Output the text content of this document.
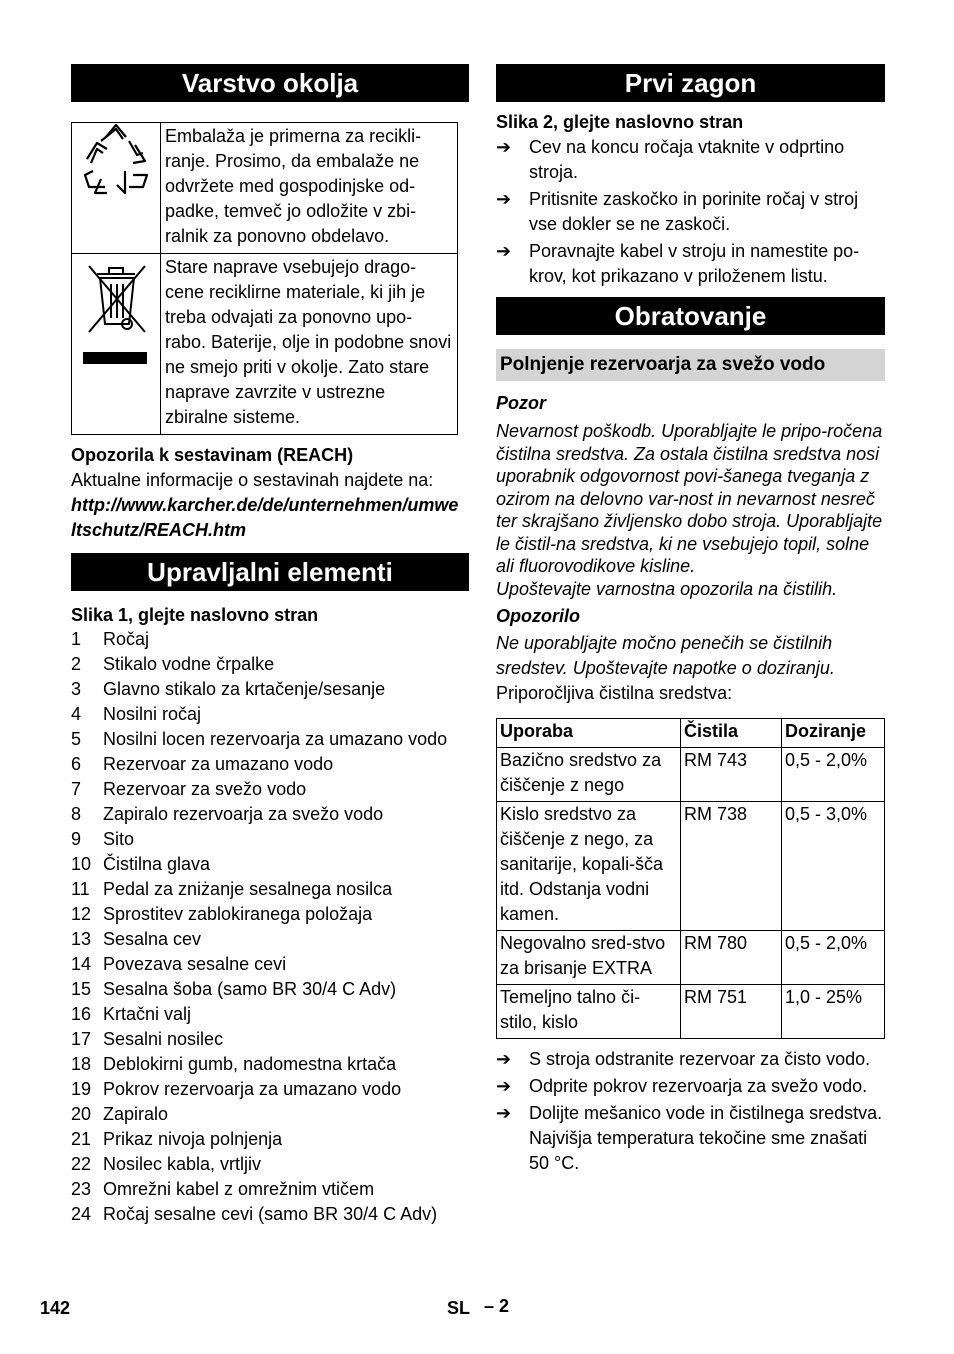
Varstvo okolja
	Embalaža je primerna za recikli-ranje. Prosimo, da embalaže ne odvržete med gospodinjske od-padke, temveč jo odložite v zbi-ralnik za ponovno obdelavo.
	Stare naprave vsebujejo drago-cene reciklirne materiale, ki jih je treba odvajati za ponovno upo-rabo. Baterije, olje in podobne snovi ne smejo priti v okolje. Zato stare naprave zavrzite v ustrezne zbiralne sisteme.
Opozorila k sestavinam (REACH)
Aktualne informacije o sestavinah najdete na:
http://www.karcher.de/de/unternehmen/umweltschutz/REACH.htm
Upravljalni elementi
Slika 1, glejte naslovno stran
1	Ročaj
2	Stikalo vodne črpalke
3	Glavno stikalo za krtačenje/sesanje
4	Nosilni ročaj
5	Nosilni locen rezervoarja za umazano vodo
6	Rezervoar za umazano vodo
7	Rezervoar za svežo vodo
8	Zapiralo rezervoarja za svežo vodo
9	Sito
10 Čistilna glava
11 Pedal za zniżanje sesalnega nosilca
12 Sprostitev zablokiranega položaja
13 Sesalna cev
14 Povezava sesalne cevi
15 Sesalna šoba (samo BR 30/4 C Adv)
16 Krtačni valj
17 Sesalni nosilec
18 Deblokirni gumb, nadomestna krtača
19 Pokrov rezervoarja za umazano vodo
20 Zapiralo
21 Prikaz nivoja polnjenja
22 Nosilec kabla, vrtljiv
23 Omrežni kabel z omrežnim vtičem
24 Ročaj sesalne cevi (samo BR 30/4 C Adv)
Prvi zagon
Slika 2, glejte naslovno stran
➔ Cev na koncu ročaja vtaknite v odprtino stroja.
➔ Pritisnite zaskočko in porinite ročaj v stroj vse dokler se ne zaskoči.
➔ Poravnajte kabel v stroju in namestite po-krov, kot prikazano v priloženem listu.
Obratovanje
Polnjenje rezervoarja za svežo vodo
Pozor
Nevarnost poškodb. Uporabljajte le pripo-ročena čistilna sredstva. Za ostala čistilna sredstva nosi uporabnik odgovornost povi-šanega tveganja z ozirom na delovno var-nost in nevarnost nesreč ter skrajšano življensko dobo stroja. Uporabljajte le čistil-na sredstva, ki ne vsebujejo topil, solne ali fluorovodikove kisline.
Upoštevajte varnostna opozorila na čistilih.
Opozorilo
Ne uporabljajte močno penečih se čistilnih sredstev. Upoštevajte napotke o doziranju.
Priporočljiva čistilna sredstva:
Uporaba	Čistila	Doziranje
Bazično sredstvo za čiščenje z nego	RM 743	0,5 - 2,0%
Kislo sredstvo za čiščenje z nego, za sanitarije, kopali-šča itd. Odstanja vodni kamen.	RM 738	0,5 - 3,0%
Negovalno sred-stvo za brisanje EXTRA	RM 780	0,5 - 2,0%
Temeljno talno či-stilo, kislo	RM 751	1,0 - 25%
➔ S stroja odstranite rezervoar za čisto vodo.
➔ Odprite pokrov rezervoarja za svežo vodo.
➔ Dolijte mešanico vode in čistilnega sredstva. Najvišja temperatura tekočine sme znašati 50 °C.
142	SL – 2
